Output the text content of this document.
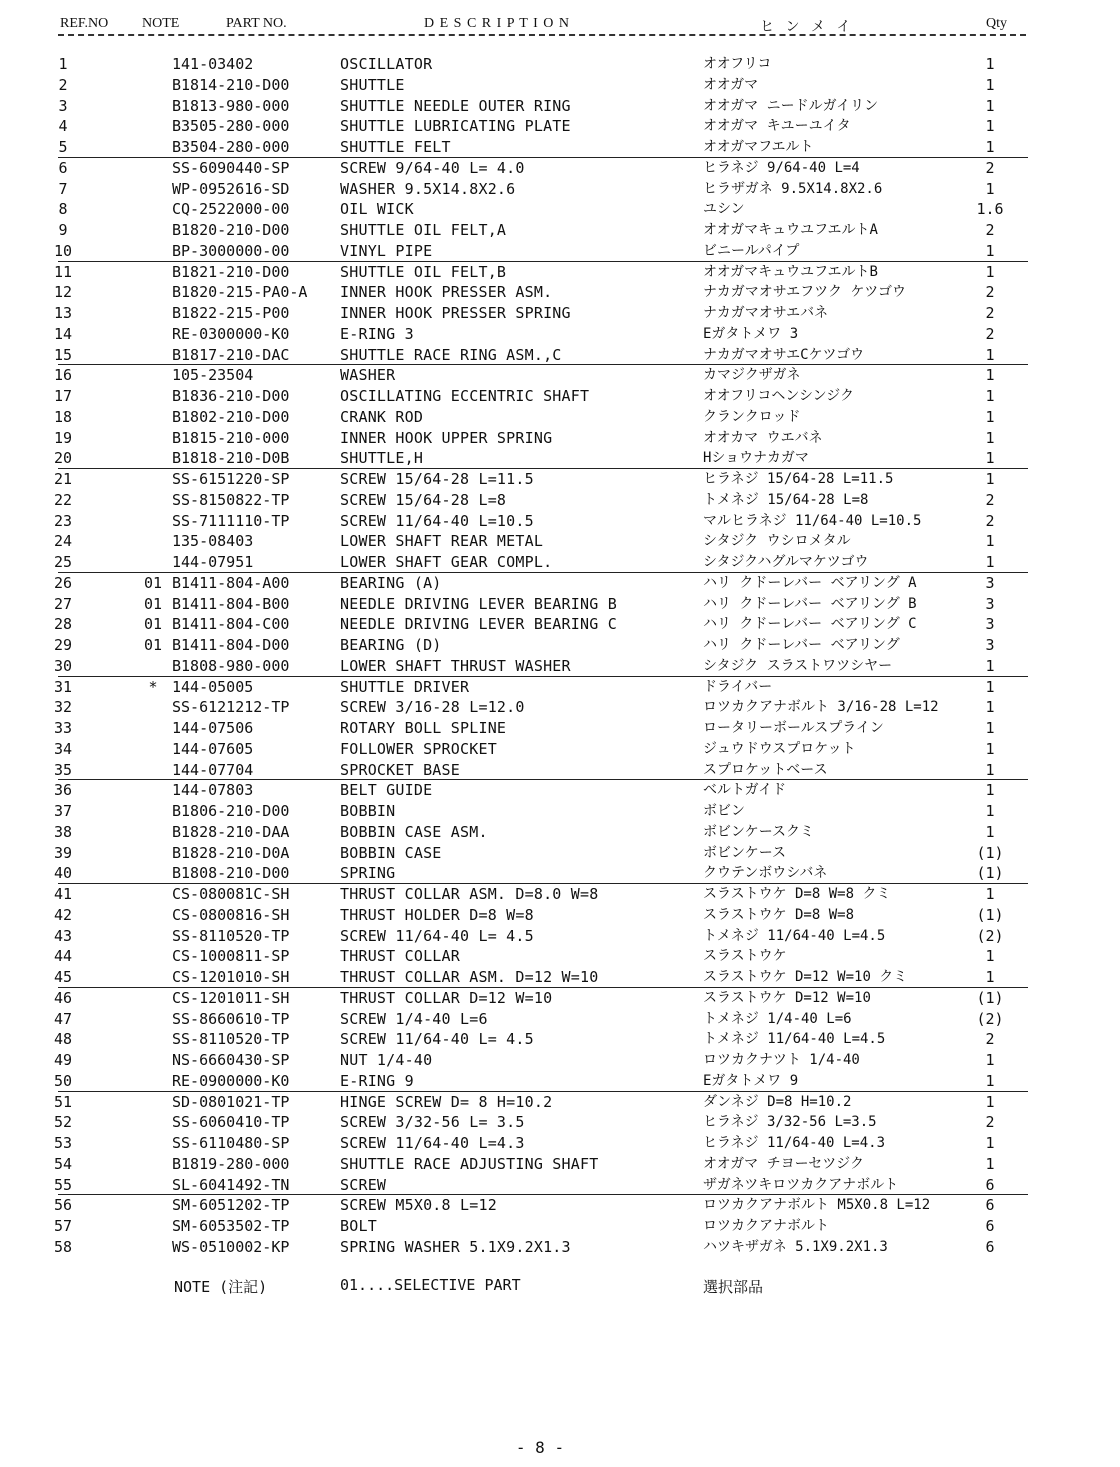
REF.NO NOTE	PART NO.	D E S C R I P T I O N	ヒ ン メ イ	Qty
1	141-03402	OSCILLATOR	オオフリコ	1
2	B1814-210-D00	SHUTTLE	オオガマ	1
3	B1813-980-000	SHUTTLE NEEDLE OUTER RING	オオガマ ニードルガイリン	1
4	B3505-280-000	SHUTTLE LUBRICATING PLATE	オオガマ キユーユイタ	1
5	B3504-280-000	SHUTTLE FELT	オオガマフエルト	1
6	SS-6090440-SP	SCREW 9/64-40 L= 4.0	ヒラネジ 9/64-40 L=4	2
7	WP-0952616-SD	WASHER 9.5X14.8X2.6	ヒラザガネ 9.5X14.8X2.6	1
8	CQ-2522000-00	OIL WICK	ユシン	1.6
9	B1820-210-D00	SHUTTLE OIL FELT,A	オオガマキュウユフエルトA	2
10	BP-3000000-00	VINYL PIPE	ビニールパイプ	1
11	B1821-210-D00	SHUTTLE OIL FELT,B	オオガマキュウユフエルトB	1
12	B1820-215-PA0-A	INNER HOOK PRESSER ASM.	ナカガマオサエフツク ケツゴウ	2
13	B1822-215-P00	INNER HOOK PRESSER SPRING	ナカガマオサエバネ	2
14	RE-0300000-K0	E-RING 3	Eガタトメワ 3	2
15	B1817-210-DAC	SHUTTLE RACE RING ASM.,C	ナカガマオサエCケツゴウ	1
16	105-23504	WASHER	カマジクザガネ	1
17	B1836-210-D00	OSCILLATING ECCENTRIC SHAFT	オオフリコヘンシンジク	1
18	B1802-210-D00	CRANK ROD	クランクロッド	1
19	B1815-210-000	INNER HOOK UPPER SPRING	オオカマ ウエバネ	1
20	B1818-210-D0B	SHUTTLE,H	Hショウナカガマ	1
21	SS-6151220-SP	SCREW 15/64-28 L=11.5	ヒラネジ 15/64-28 L=11.5	1
22	SS-8150822-TP	SCREW 15/64-28 L=8	トメネジ 15/64-28 L=8	2
23	SS-7111110-TP	SCREW 11/64-40 L=10.5	マルヒラネジ 11/64-40 L=10.5	2
24	135-08403	LOWER SHAFT REAR METAL	シタジク ウシロメタル	1
25	144-07951	LOWER SHAFT GEAR COMPL.	シタジクハグルマケツゴウ	1
26	01 B1411-804-A00	BEARING (A)	ハリ クドーレバー ベアリング A	3
27	01 B1411-804-B00	NEEDLE DRIVING LEVER BEARING B	ハリ クドーレバー ベアリング B	3
28	01 B1411-804-C00	NEEDLE DRIVING LEVER BEARING C	ハリ クドーレバー ベアリング C	3
29	01 B1411-804-D00	BEARING (D)	ハリ クドーレバー ベアリング	3
30	B1808-980-000	LOWER SHAFT THRUST WASHER	シタジク スラストワツシヤー	1
31	* 144-05005	SHUTTLE DRIVER	ドライバー	1
32	SS-6121212-TP	SCREW 3/16-28 L=12.0	ロツカクアナボルト 3/16-28 L=12	1
33	144-07506	ROTARY BOLL SPLINE	ロータリーボールスプライン	1
34	144-07605	FOLLOWER SPROCKET	ジュウドウスプロケット	1
35	144-07704	SPROCKET BASE	スプロケットベース	1
36	144-07803	BELT GUIDE	ベルトガイド	1
37	B1806-210-D00	BOBBIN	ボビン	1
38	B1828-210-DAA	BOBBIN CASE ASM.	ボビンケースクミ	1
39	B1828-210-D0A	BOBBIN CASE	ボビンケース	(1)
40	B1808-210-D00	SPRING	クウテンボウシバネ	(1)
41	CS-080081C-SH	THRUST COLLAR ASM. D=8.0 W=8	スラストウケ D=8 W=8 クミ	1
42	CS-0800816-SH	THRUST HOLDER D=8 W=8	スラストウケ D=8 W=8	(1)
43	SS-8110520-TP	SCREW 11/64-40 L= 4.5	トメネジ 11/64-40 L=4.5	(2)
44	CS-1000811-SP	THRUST COLLAR	スラストウケ	1
45	CS-1201010-SH	THRUST COLLAR ASM. D=12 W=10	スラストウケ D=12 W=10 クミ	1
46	CS-1201011-SH	THRUST COLLAR D=12 W=10	スラストウケ D=12 W=10	(1)
47	SS-8660610-TP	SCREW 1/4-40 L=6	トメネジ 1/4-40 L=6	(2)
48	SS-8110520-TP	SCREW 11/64-40 L= 4.5	トメネジ 11/64-40 L=4.5	2
49	NS-6660430-SP	NUT 1/4-40	ロツカクナツト 1/4-40	1
50	RE-0900000-K0	E-RING 9	Eガタトメワ 9	1
51	SD-0801021-TP	HINGE SCREW D= 8 H=10.2	ダンネジ D=8 H=10.2	1
52	SS-6060410-TP	SCREW 3/32-56 L= 3.5	ヒラネジ 3/32-56 L=3.5	2
53	SS-6110480-SP	SCREW 11/64-40 L=4.3	ヒラネジ 11/64-40 L=4.3	1
54	B1819-280-000	SHUTTLE RACE ADJUSTING SHAFT	オオガマ チヨーセツジク	1
55	SL-6041492-TN	SCREW	ザガネツキロツカクアナボルト	6
56	SM-6051202-TP	SCREW M5X0.8 L=12	ロツカクアナボルト M5X0.8 L=12	6
57	SM-6053502-TP	BOLT	ロツカクアナボルト	6
58	WS-0510002-KP	SPRING WASHER 5.1X9.2X1.3	ハツキザガネ 5.1X9.2X1.3	6
NOTE (注記)	01....SELECTIVE PART	選択部品
- 8 -
